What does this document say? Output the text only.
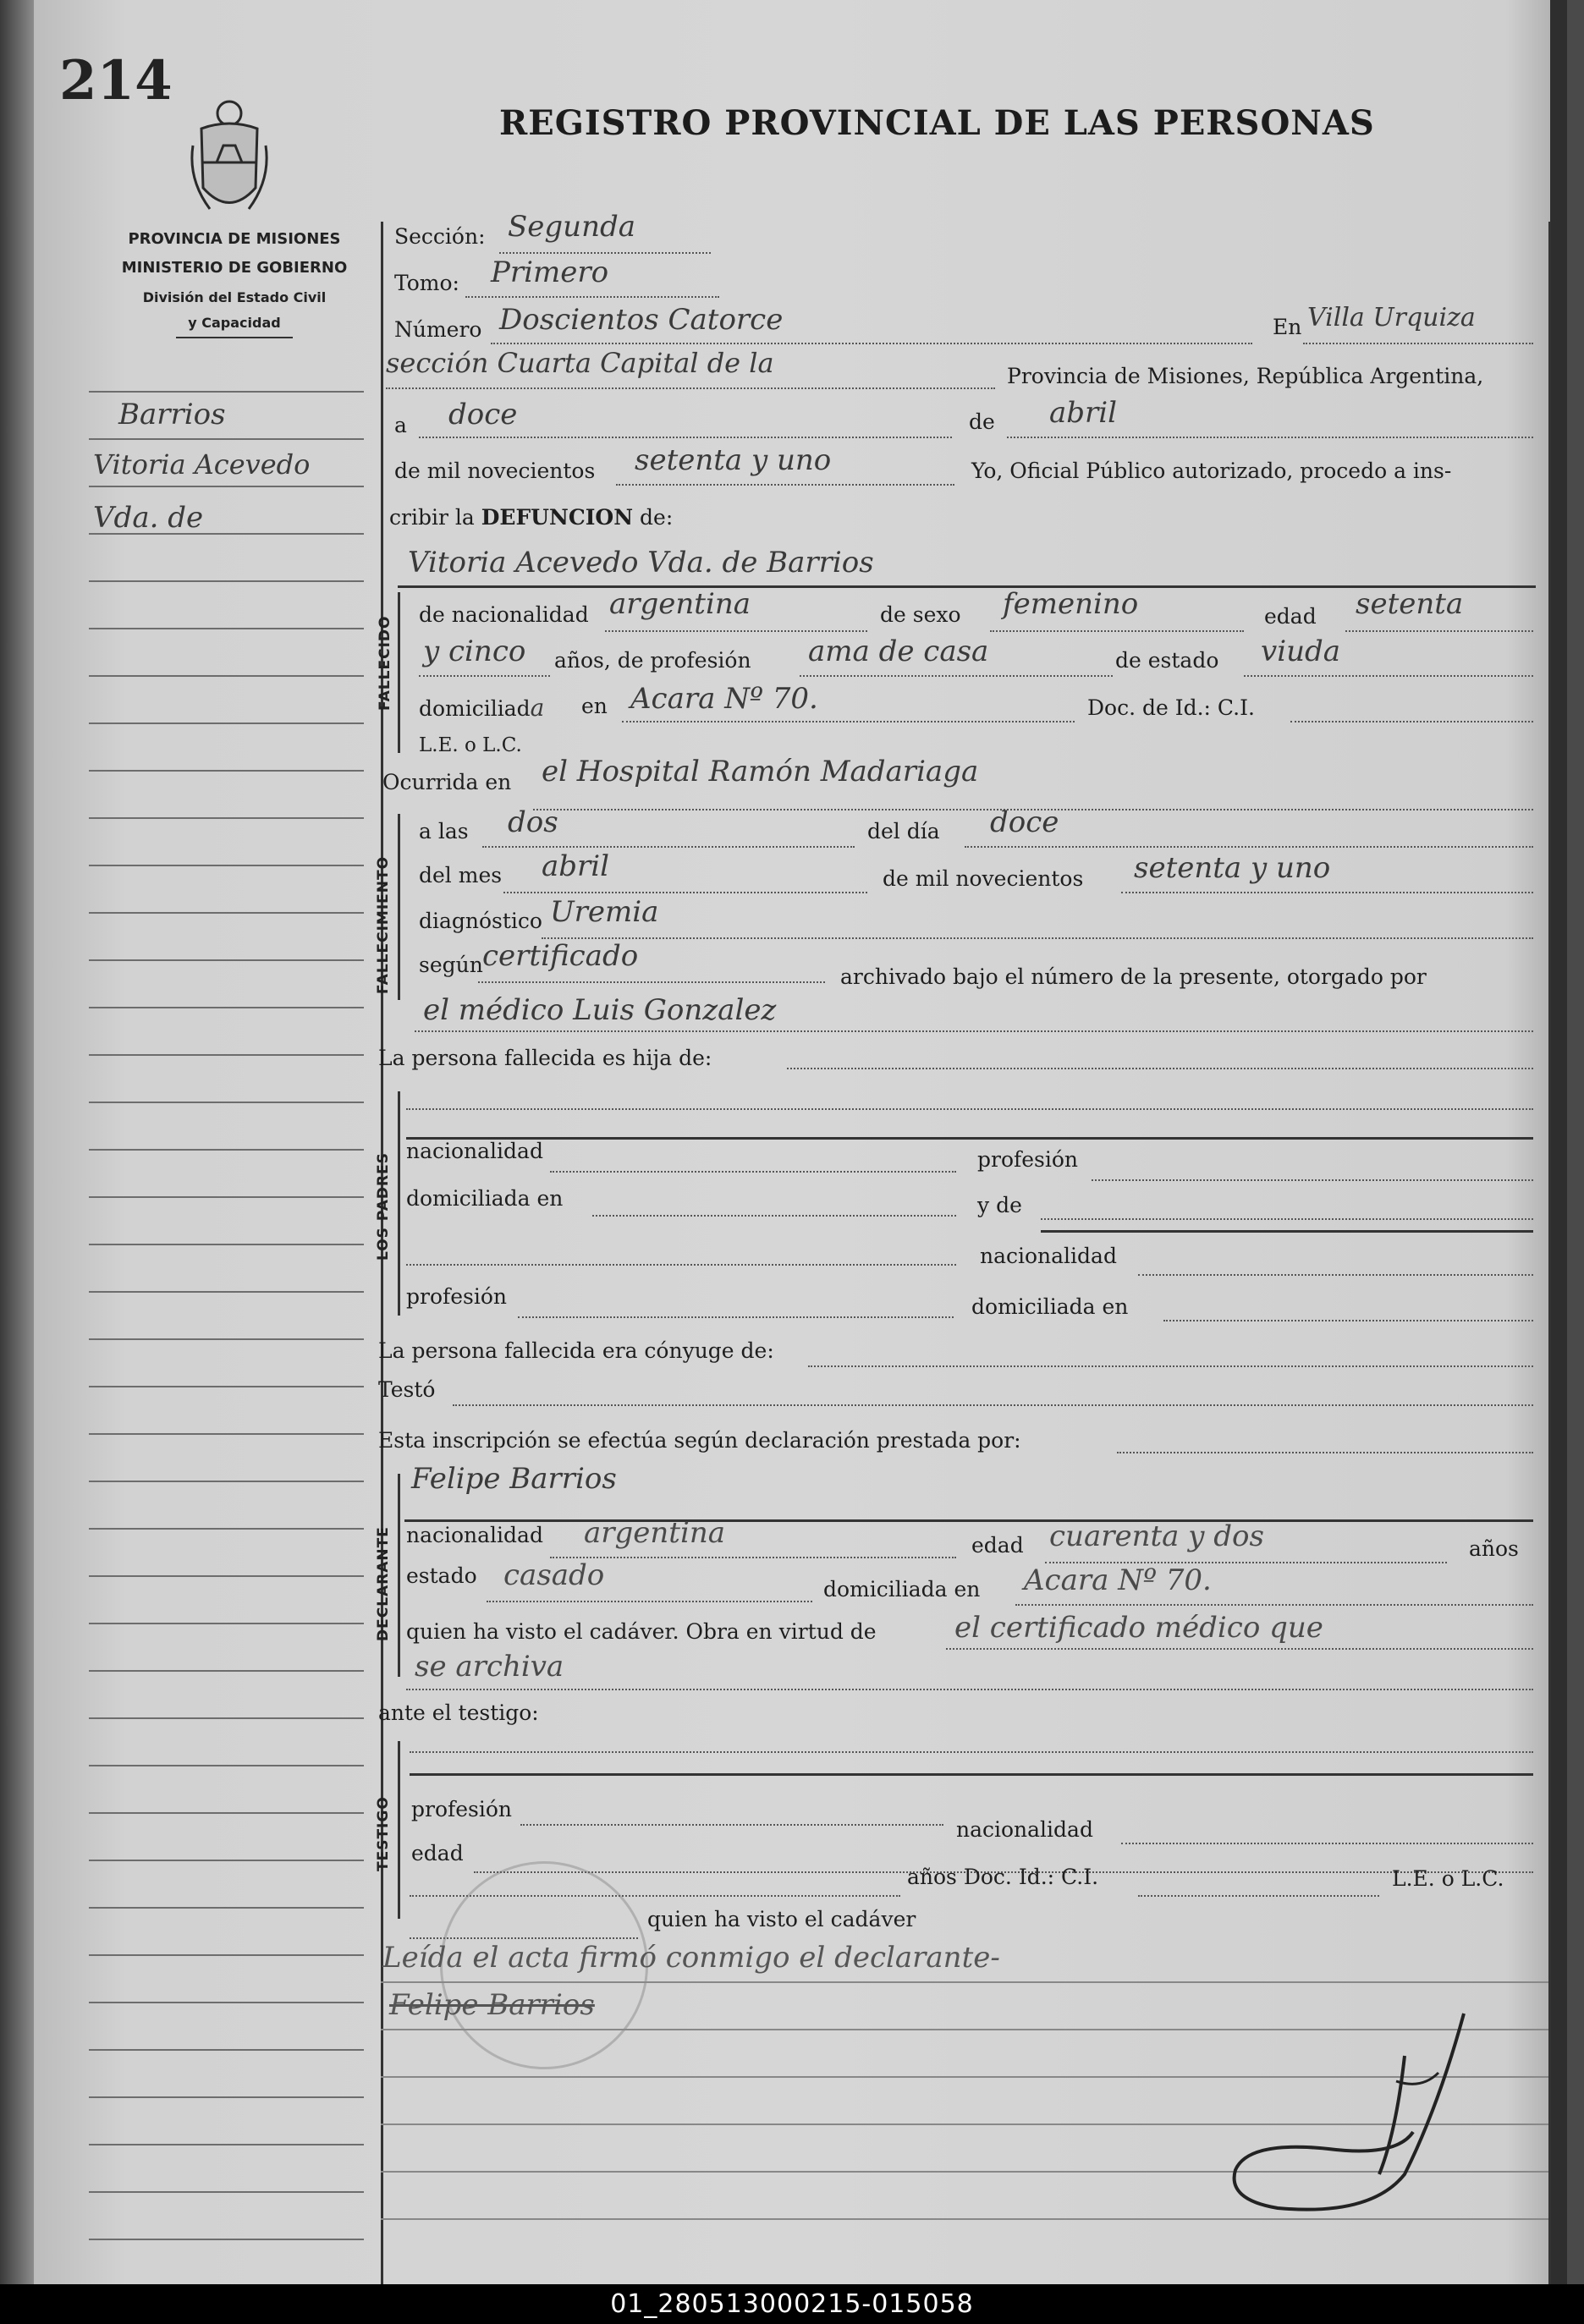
214
REGISTRO PROVINCIAL DE LAS PERSONAS
PROVINCIA DE MISIONES
MINISTERIO DE GOBIERNO
División del Estado Civil
y Capacidad
Barrios
Vitoria Acevedo
Vda. de
Sección: Segunda
Tomo: Primero
Número Doscientos Catorce	En Villa Urquiza
sección Cuarta Capital de la	Provincia de Misiones, República Argentina,
a doce	de abril
de mil novecientos setenta y uno	Yo, Oficial Público autorizado, procedo a ins-
cribir la DEFUNCION de:
Vitoria Acevedo Vda. de Barrios
FALLECIDO
de nacionalidad argentina	de sexo femenino	edad setenta
y cinco años, de profesión ama de casa	de estado viuda
domiciliada en Acara Nº 70.	Doc. de Id.: C.I.
L.E. o L.C.
Ocurrida en el Hospital Ramón Madariaga
FALLECIMIENTO
a las dos	del día doce
del mes abril	de mil novecientos setenta y uno
diagnóstico Uremia
según certificado
archivado bajo el número de la presente, otorgado por
el médico Luis Gonzalez
La persona fallecida es hija de:
LOS PADRES
nacionalidad	profesión
domiciliada en	y de
nacionalidad
profesión	domiciliada en
La persona fallecida era cónyuge de:
Testó
Esta inscripción se efectúa según declaración prestada por:
DECLARANTE
Felipe Barrios
nacionalidad argentina	edad cuarenta y dos	años
estado casado	domiciliada en Acara Nº 70.
quien ha visto el cadáver. Obra en virtud de	el certificado médico que
se archiva
ante el testigo:
TESTIGO profesión
nacionalidad
edad
años Doc. Id.: C.I.	L.E. o L.C.
quien ha visto el cadáver
Leída el acta firmó conmigo el declarante-
Felipe Barrios
01_280513000215-015058
